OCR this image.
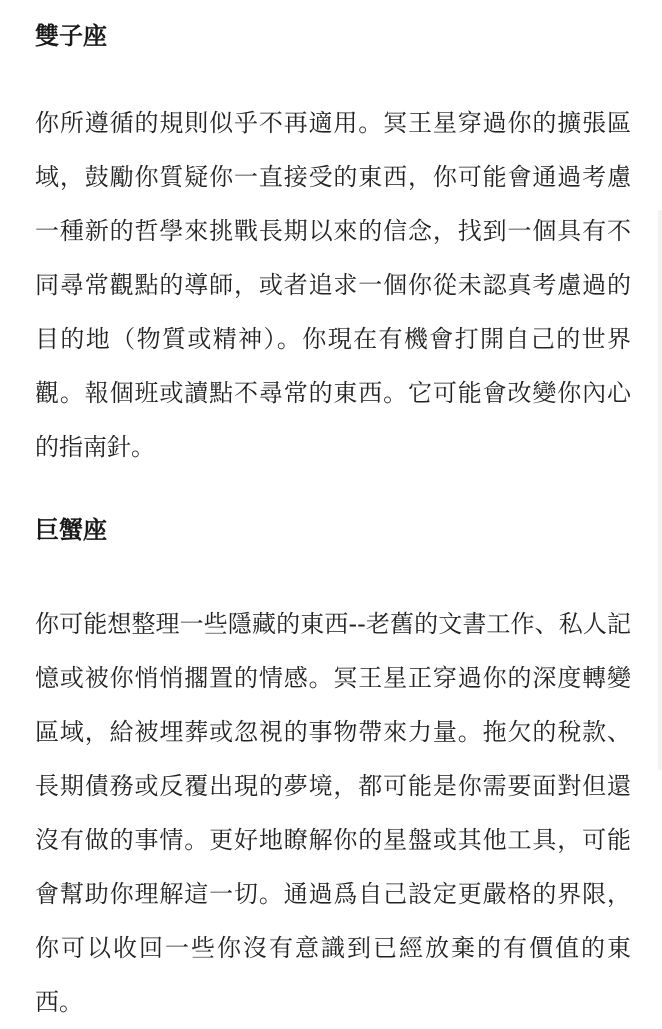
雙子座

你所遵循的規則似乎不再適用。冥王星穿過你的擴張區域，鼓勵你質疑你一直接受的東西，你可能會通過考慮一種新的哲學來挑戰長期以來的信念，找到一個具有不同尋常觀點的導師，或者追求一個你從未認真考慮過的目的地（物質或精神）。你現在有機會打開自己的世界觀。報個班或讀點不尋常的東西。它可能會改變你內心的指南針。

巨蟹座

你可能想整理一些隱藏的東西--老舊的文書工作、私人記憶或被你悄悄擱置的情感。冥王星正穿過你的深度轉變區域，給被埋葬或忽視的事物帶來力量。拖欠的稅款、長期債務或反覆出現的夢境，都可能是你需要面對但還沒有做的事情。更好地瞭解你的星盤或其他工具，可能會幫助你理解這一切。通過爲自己設定更嚴格的界限，你可以收回一些你沒有意識到已經放棄的有價值的東西。
